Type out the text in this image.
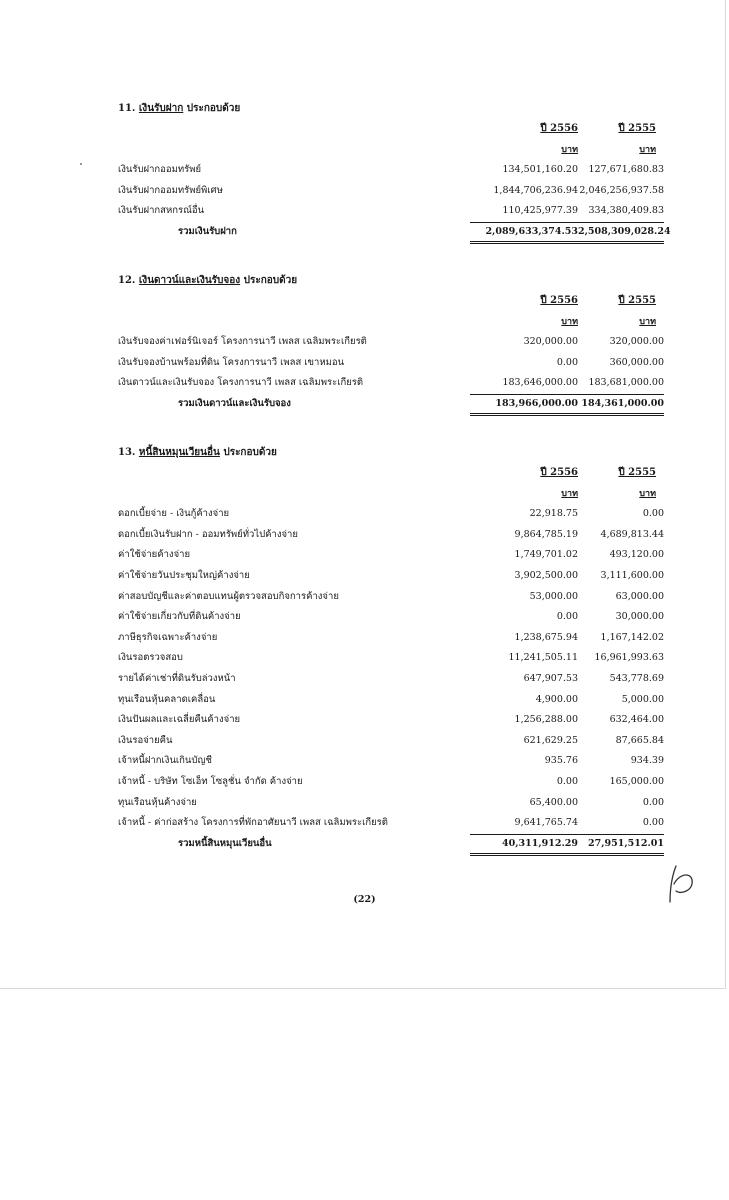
11. เงินรับฝาก ประกอบด้วย
ปี 2556	ปี 2555
บาท	บาท
เงินรับฝากออมทรัพย์	134,501,160.20	127,671,680.83
เงินรับฝากออมทรัพย์พิเศษ	1,844,706,236.94 2,046,256,937.58
เงินรับฝากสหกรณ์อื่น	110,425,977.39	334,380,409.83
รวมเงินรับฝาก	2,089,633,374.53 2,508,309,028.24
12. เงินดาวน์และเงินรับจอง ประกอบด้วย
ปี 2556	ปี 2555
บาท	บาท
เงินรับจองค่าเฟอร์นิเจอร์ โครงการนาวี เพลส เฉลิมพระเกียรติ	320,000.00	320,000.00
เงินรับจองบ้านพร้อมที่ดิน โครงการนาวี เพลส เขาหมอน	0.00	360,000.00
เงินดาวน์และเงินรับจอง โครงการนาวี เพลส เฉลิมพระเกียรติ	183,646,000.00	183,681,000.00
รวมเงินดาวน์และเงินรับจอง	183,966,000.00 184,361,000.00
13. หนี้สินหมุนเวียนอื่น ประกอบด้วย
ปี 2556	ปี 2555
บาท	บาท
ดอกเบี้ยจ่าย - เงินกู้ค้างจ่าย	22,918.75	0.00
ดอกเบี้ยเงินรับฝาก - ออมทรัพย์ทั่วไปค้างจ่าย	9,864,785.19	4,689,813.44
ค่าใช้จ่ายค้างจ่าย	1,749,701.02	493,120.00
ค่าใช้จ่ายวันประชุมใหญ่ค้างจ่าย	3,902,500.00	3,111,600.00
ค่าสอบบัญชีและค่าตอบแทนผู้ตรวจสอบกิจการค้างจ่าย	53,000.00	63,000.00
ค่าใช้จ่ายเกี่ยวกับที่ดินค้างจ่าย	0.00	30,000.00
ภาษีธุรกิจเฉพาะค้างจ่าย	1,238,675.94	1,167,142.02
เงินรอตรวจสอบ	11,241,505.11	16,961,993.63
รายได้ค่าเช่าที่ดินรับล่วงหน้า	647,907.53	543,778.69
ทุนเรือนหุ้นคลาดเคลื่อน	4,900.00	5,000.00
เงินปันผลและเฉลี่ยคืนค้างจ่าย	1,256,288.00	632,464.00
เงินรอจ่ายคืน	621,629.25	87,665.84
เจ้าหนี้ฝากเงินเกินบัญชี	935.76	934.39
เจ้าหนี้ - บริษัท โซเอ็ท โซลูชั่น จำกัด ค้างจ่าย	0.00	165,000.00
ทุนเรือนหุ้นค้างจ่าย	65,400.00	0.00
เจ้าหนี้ - ค่าก่อสร้าง โครงการที่พักอาศัยนาวี เพลส เฉลิมพระเกียรติ	9,641,765.74	0.00
รวมหนี้สินหมุนเวียนอื่น	40,311,912.29	27,951,512.01
(22)
